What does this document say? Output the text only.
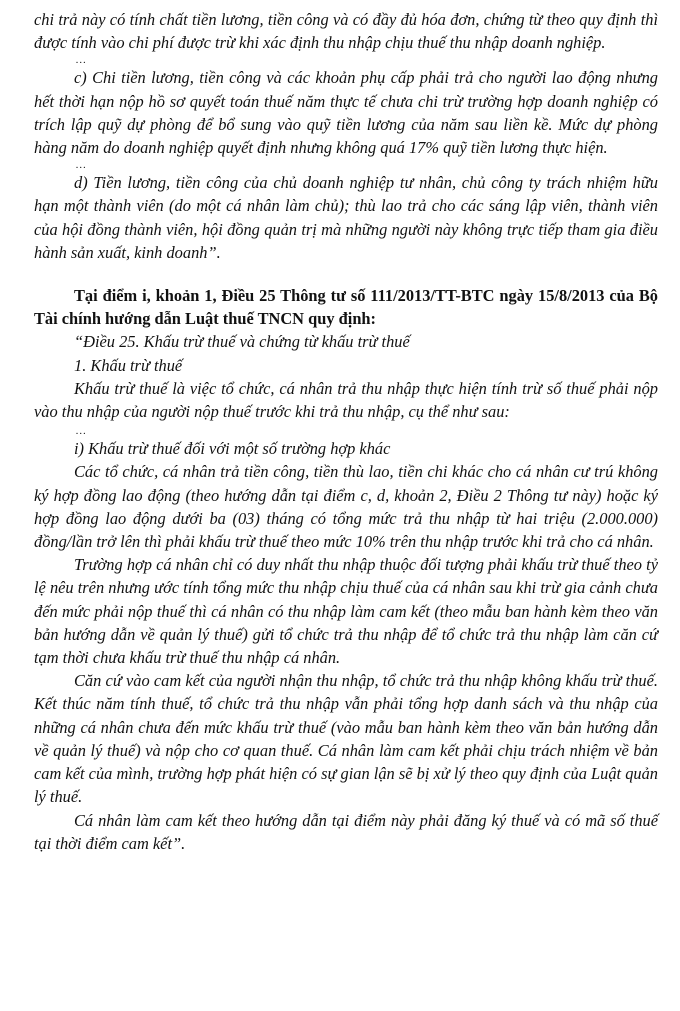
chi trả này có tính chất tiền lương, tiền công và có đầy đủ hóa đơn, chứng từ theo quy định thì được tính vào chi phí được trừ khi xác định thu nhập chịu thuế thu nhập doanh nghiệp.

…

c) Chi tiền lương, tiền công và các khoản phụ cấp phải trả cho người lao động nhưng hết thời hạn nộp hồ sơ quyết toán thuế năm thực tế chưa chi trừ trường hợp doanh nghiệp có trích lập quỹ dự phòng để bổ sung vào quỹ tiền lương của năm sau liền kề. Mức dự phòng hàng năm do doanh nghiệp quyết định nhưng không quá 17% quỹ tiền lương thực hiện.

…

d) Tiền lương, tiền công của chủ doanh nghiệp tư nhân, chủ công ty trách nhiệm hữu hạn một thành viên (do một cá nhân làm chủ); thù lao trả cho các sáng lập viên, thành viên của hội đồng thành viên, hội đồng quản trị mà những người này không trực tiếp tham gia điều hành sản xuất, kinh doanh”.

Tại điểm i, khoản 1, Điều 25 Thông tư số 111/2013/TT-BTC ngày 15/8/2013 của Bộ Tài chính hướng dẫn Luật thuế TNCN quy định:

“Điều 25. Khấu trừ thuế và chứng từ khấu trừ thuế

1. Khấu trừ thuế

Khấu trừ thuế là việc tổ chức, cá nhân trả thu nhập thực hiện tính trừ số thuế phải nộp vào thu nhập của người nộp thuế trước khi trả thu nhập, cụ thể như sau:

…

i) Khấu trừ thuế đối với một số trường hợp khác

Các tổ chức, cá nhân trả tiền công, tiền thù lao, tiền chi khác cho cá nhân cư trú không ký hợp đồng lao động (theo hướng dẫn tại điểm c, d, khoản 2, Điều 2 Thông tư này) hoặc ký hợp đồng lao động dưới ba (03) tháng có tổng mức trả thu nhập từ hai triệu (2.000.000) đồng/lần trở lên thì phải khấu trừ thuế theo mức 10% trên thu nhập trước khi trả cho cá nhân.

Trường hợp cá nhân chỉ có duy nhất thu nhập thuộc đối tượng phải khấu trừ thuế theo tỷ lệ nêu trên nhưng ước tính tổng mức thu nhập chịu thuế của cá nhân sau khi trừ gia cảnh chưa đến mức phải nộp thuế thì cá nhân có thu nhập làm cam kết (theo mẫu ban hành kèm theo văn bản hướng dẫn về quản lý thuế) gửi tổ chức trả thu nhập để tổ chức trả thu nhập làm căn cứ tạm thời chưa khấu trừ thuế thu nhập cá nhân.

Căn cứ vào cam kết của người nhận thu nhập, tổ chức trả thu nhập không khấu trừ thuế. Kết thúc năm tính thuế, tổ chức trả thu nhập vẫn phải tổng hợp danh sách và thu nhập của những cá nhân chưa đến mức khấu trừ thuế (vào mẫu ban hành kèm theo văn bản hướng dẫn về quản lý thuế) và nộp cho cơ quan thuế. Cá nhân làm cam kết phải chịu trách nhiệm về bản cam kết của mình, trường hợp phát hiện có sự gian lận sẽ bị xử lý theo quy định của Luật quản lý thuế.

Cá nhân làm cam kết theo hướng dẫn tại điểm này phải đăng ký thuế và có mã số thuế tại thời điểm cam kết”.
